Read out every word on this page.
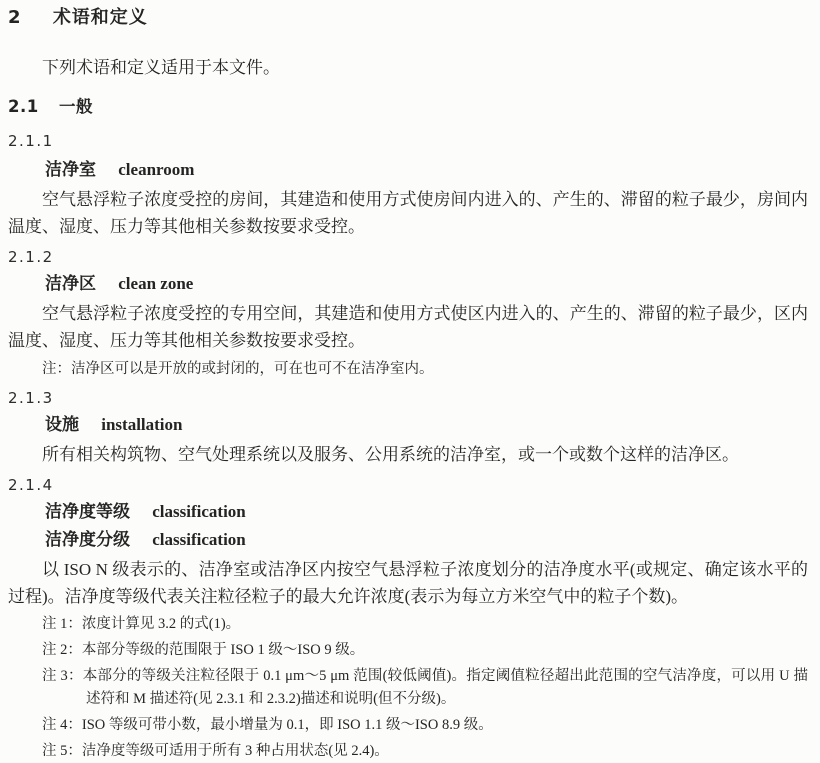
2 术语和定义

下列术语和定义适用于本文件。

2.1 一般
2.1.1
洁净室 cleanroom

空气悬浮粒子浓度受控的房间，其建造和使用方式使房间内进入的、产生的、滞留的粒子最少，房间内温度、湿度、压力等其他相关参数按要求受控。

2.1.2
洁净区 clean zone

空气悬浮粒子浓度受控的专用空间，其建造和使用方式使区内进入的、产生的、滞留的粒子最少，区内温度、湿度、压力等其他相关参数按要求受控。

注：洁净区可以是开放的或封闭的，可在也可不在洁净室内。

2.1.3
设施 installation

所有相关构筑物、空气处理系统以及服务、公用系统的洁净室，或一个或数个这样的洁净区。

2.1.4
洁净度等级 classification
洁净度分级 classification

以 ISO N 级表示的、洁净室或洁净区内按空气悬浮粒子浓度划分的洁净度水平(或规定、确定该水平的过程)。洁净度等级代表关注粒径粒子的最大允许浓度(表示为每立方米空气中的粒子个数)。

注 1：浓度计算见 3.2 的式(1)。

注 2：本部分等级的范围限于 ISO 1 级～ISO 9 级。

注 3：本部分的等级关注粒径限于 0.1 μm～5 μm 范围(较低阈值)。指定阈值粒径超出此范围的空气洁净度，可以用 U 描述符和 M 描述符(见 2.3.1 和 2.3.2)描述和说明(但不分级)。

注 4：ISO 等级可带小数，最小增量为 0.1，即 ISO 1.1 级～ISO 8.9 级。

注 5：洁净度等级可适用于所有 3 种占用状态(见 2.4)。
